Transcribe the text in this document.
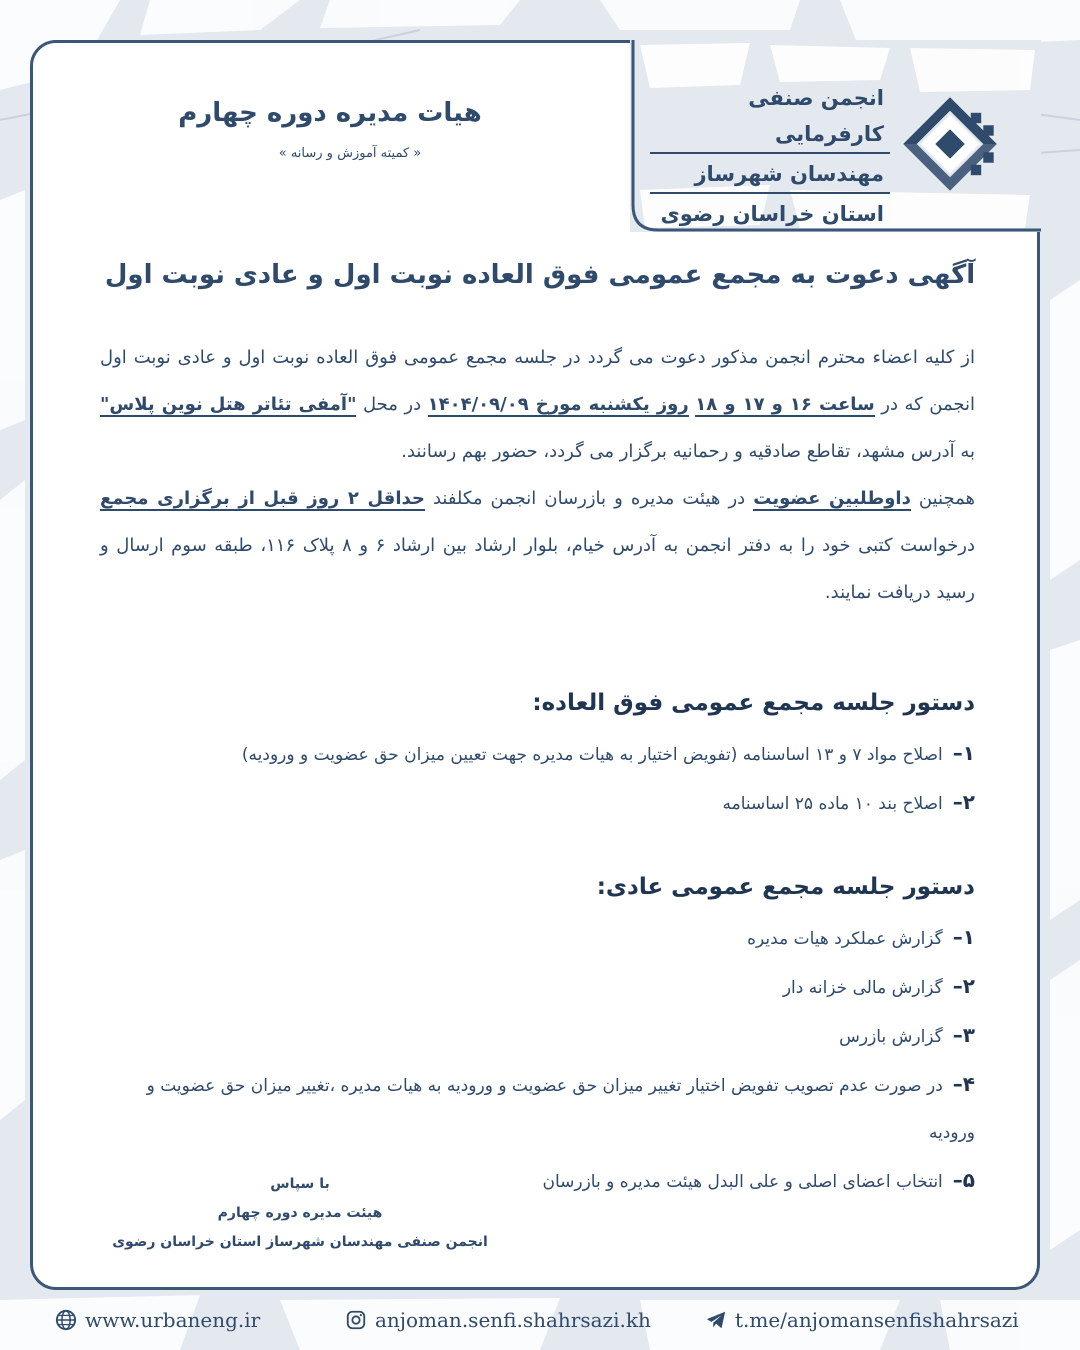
هیات مدیره دوره چهارم
« کمیته آموزش و رسانه »
انجمن صنفی کارفرمایی
مهندسان شهرساز
استان خراسان رضوی
آگهی دعوت به مجمع عمومی فوق العاده نوبت اول و عادی نوبت اول

از کلیه اعضاء محترم انجمن مذکور دعوت می گردد در جلسه مجمع عمومی فوق العاده نوبت اول و عادی نوبت اول انجمن که در ساعت ۱۶ و ۱۷ و ۱۸ روز یکشنبه مورخ ۱۴۰۴/۰۹/۰۹ در محل "آمفی تئاتر هتل نوین پلاس" به آدرس مشهد، تقاطع صادقیه و رحمانیه برگزار می گردد، حضور بهم رسانند.

همچنین داوطلبین عضویت در هیئت مدیره و بازرسان انجمن مکلفند حداقل ۲ روز قبل از برگزاری مجمع درخواست کتبی خود را به دفتر انجمن به آدرس خیام، بلوار ارشاد بین ارشاد ۶ و ۸ پلاک ۱۱۶، طبقه سوم ارسال و رسید دریافت نمایند.

دستور جلسه مجمع عمومی فوق العاده:
۱–اصلاح مواد ۷ و ۱۳ اساسنامه (تفویض اختیار به هیات مدیره جهت تعیین میزان حق عضویت و ورودیه)
۲–اصلاح بند ۱۰ ماده ۲۵ اساسنامه
دستور جلسه مجمع عمومی عادی:
۱–گزارش عملکرد هیات مدیره
۲–گزارش مالی خزانه دار
۳–گزارش بازرس
۴–در صورت عدم تصویب تفویض اختیار تغییر میزان حق عضویت و ورودیه به هیات مدیره ،تغییر میزان حق عضویت و ورودیه
۵–انتخاب اعضای اصلی و علی البدل هیئت مدیره و بازرسان
با سپاس
هیئت مدیره دوره چهارم
انجمن صنفی مهندسان شهرساز استان خراسان رضوی
www.urbaneng.ir	anjoman.senfi.shahrsazi.kh	t.me/anjomansenfishahrsazi
